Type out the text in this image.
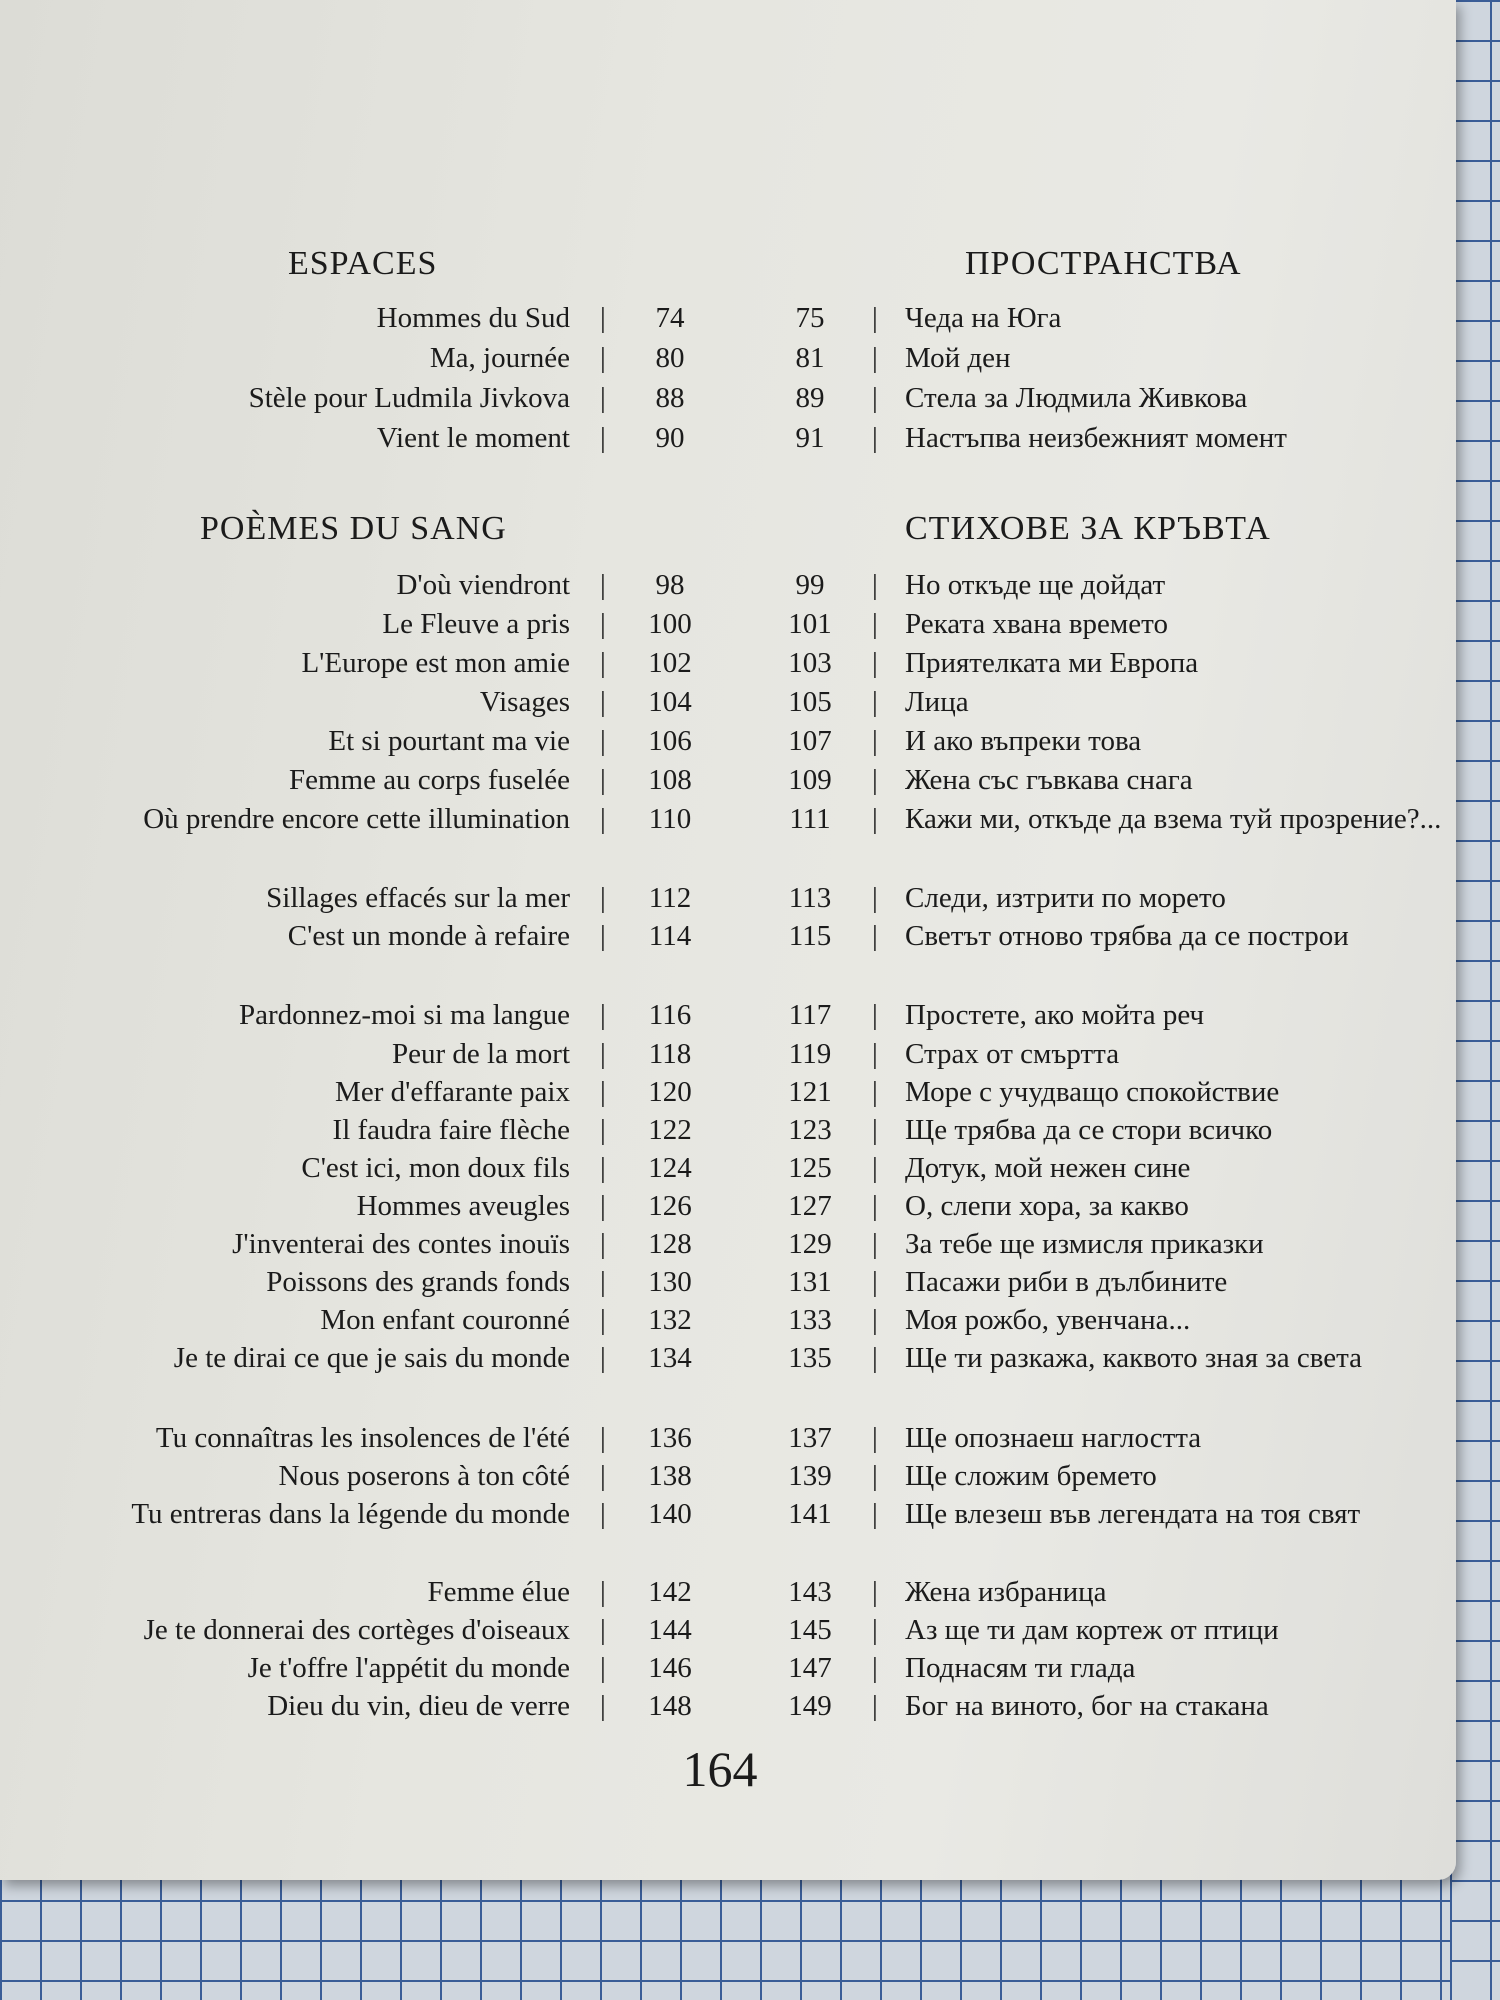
ESPACES	ПРОСТРАНСТВА
POÈMES DU SANG	СТИХОВЕ ЗА КРЪВТА
Hommes du Sud |	74	75	| Чеда на Юга
Ma, journée |	80	81	| Мой ден
Stèle pour Ludmila Jivkova |	88	89	| Стела за Людмила Живкова
Vient le moment |	90	91	| Настъпва неизбежният момент
D'où viendront |	98	99	| Но откъде ще дойдат
Le Fleuve a pris |	100	101	| Реката хвана времето
L'Europe est mon amie |	102	103	| Приятелката ми Европа
Visages |	104	105	| Лица
Et si pourtant ma vie |	106	107	| И ако въпреки това
Femme au corps fuselée |	108	109	| Жена със гъвкава снага
Où prendre encore cette illumination |	110	111	| Кажи ми, откъде да взема туй прозрение?...
Sillages effacés sur la mer |	112	113	| Следи, изтрити по морето
C'est un monde à refaire |	114	115	| Светът отново трябва да се построи
Pardonnez-moi si ma langue |	116	117	| Простете, ако мойта реч
Peur de la mort |	118	119	| Страх от смъртта
Mer d'effarante paix |	120	121	| Море с учудващо спокойствие
Il faudra faire flèche |	122	123	| Ще трябва да се стори всичко
C'est ici, mon doux fils |	124	125	| Дотук, мой нежен сине
Hommes aveugles |	126	127	| О, слепи хора, за какво
J'inventerai des contes inouïs |	128	129	| За тебе ще измисля приказки
Poissons des grands fonds |	130	131	| Пасажи риби в дълбините
Mon enfant couronné |	132	133	| Моя рожбо, увенчана...
Je te dirai ce que je sais du monde |	134	135	| Ще ти разкажа, каквото зная за света
Tu connaîtras les insolences de l'été |	136	137	| Ще опознаеш наглостта
Nous poserons à ton côté |	138	139	| Ще сложим бремето
Tu entreras dans la légende du monde |	140	141	| Ще влезеш във легендата на тоя свят
Femme élue |	142	143	| Жена избраница
Je te donnerai des cortèges d'oiseaux |	144	145	| Аз ще ти дам кортеж от птици
Je t'offre l'appétit du monde |	146	147	| Поднасям ти глада
Dieu du vin, dieu de verre |	148	149	| Бог на виното, бог на стакана
164
